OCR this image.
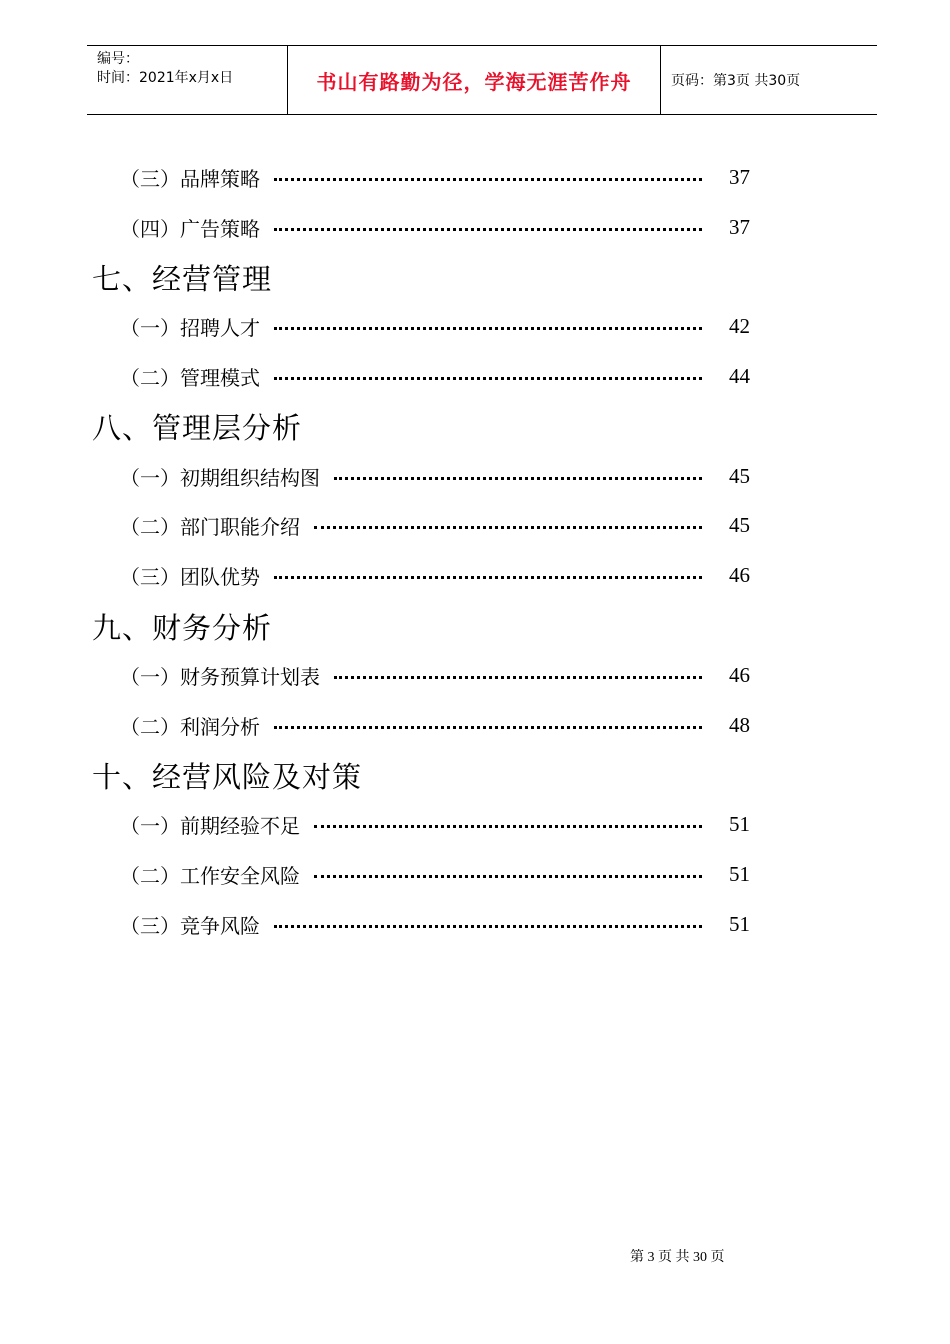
编号：
时间：2021年x月x日	书山有路勤为径，学海无涯苦作舟	页码：第3页 共30页
（三）品牌策略	37
（四）广告策略	37
七、经营管理
（一）招聘人才	42
（二）管理模式	44
八、管理层分析
（一）初期组织结构图	45
（二）部门职能介绍	45
（三）团队优势	46
九、财务分析
（一）财务预算计划表	46
（二）利润分析	48
十、经营风险及对策
（一）前期经验不足	51
（二）工作安全风险	51
（三）竞争风险	51
第 3 页 共 30 页
